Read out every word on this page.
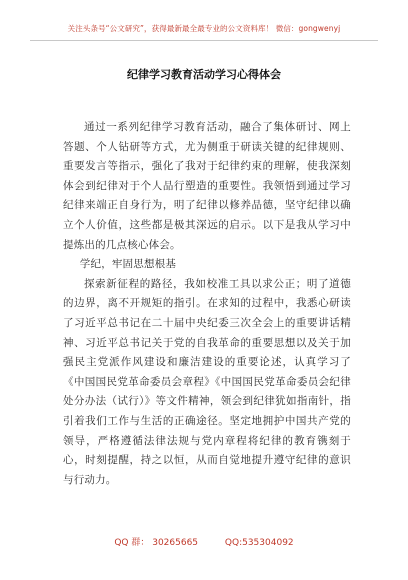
关注头条号“公文研究”，获得最新最全最专业的公文资料库！ 微信：gongwenyj
纪律学习教育活动学习心得体会

通过一系列纪律学习教育活动，融合了集体研讨、网上答题、个人钻研等方式，尤为侧重于研读关键的纪律规则、重要发言等指示，强化了我对于纪律约束的理解，使我深刻体会到纪律对于个人品行塑造的重要性。我领悟到通过学习纪律来端正自身行为，明了纪律以修养品德，坚守纪律以确立个人价值，这些都是极其深远的启示。以下是我从学习中提炼出的几点核心体会。

学纪，牢固思想根基

探索新征程的路径，我如校准工具以求公正；明了道德的边界，离不开规矩的指引。在求知的过程中，我悉心研读了习近平总书记在二十届中央纪委三次全会上的重要讲话精神、习近平总书记关于党的自我革命的重要思想以及关于加强民主党派作风建设和廉洁建设的重要论述，认真学习了《中国国民党革命委员会章程》《中国国民党革命委员会纪律处分办法（试行）》等文件精神，领会到纪律犹如指南针，指引着我们工作与生活的正确途径。坚定地拥护中国共产党的领导，严格遵循法律法规与党内章程将纪律的教育镌刻于心，时刻提醒，持之以恒，从而自觉地提升遵守纪律的意识与行动力。

QQ 群： 30265665	QQ:535304092
